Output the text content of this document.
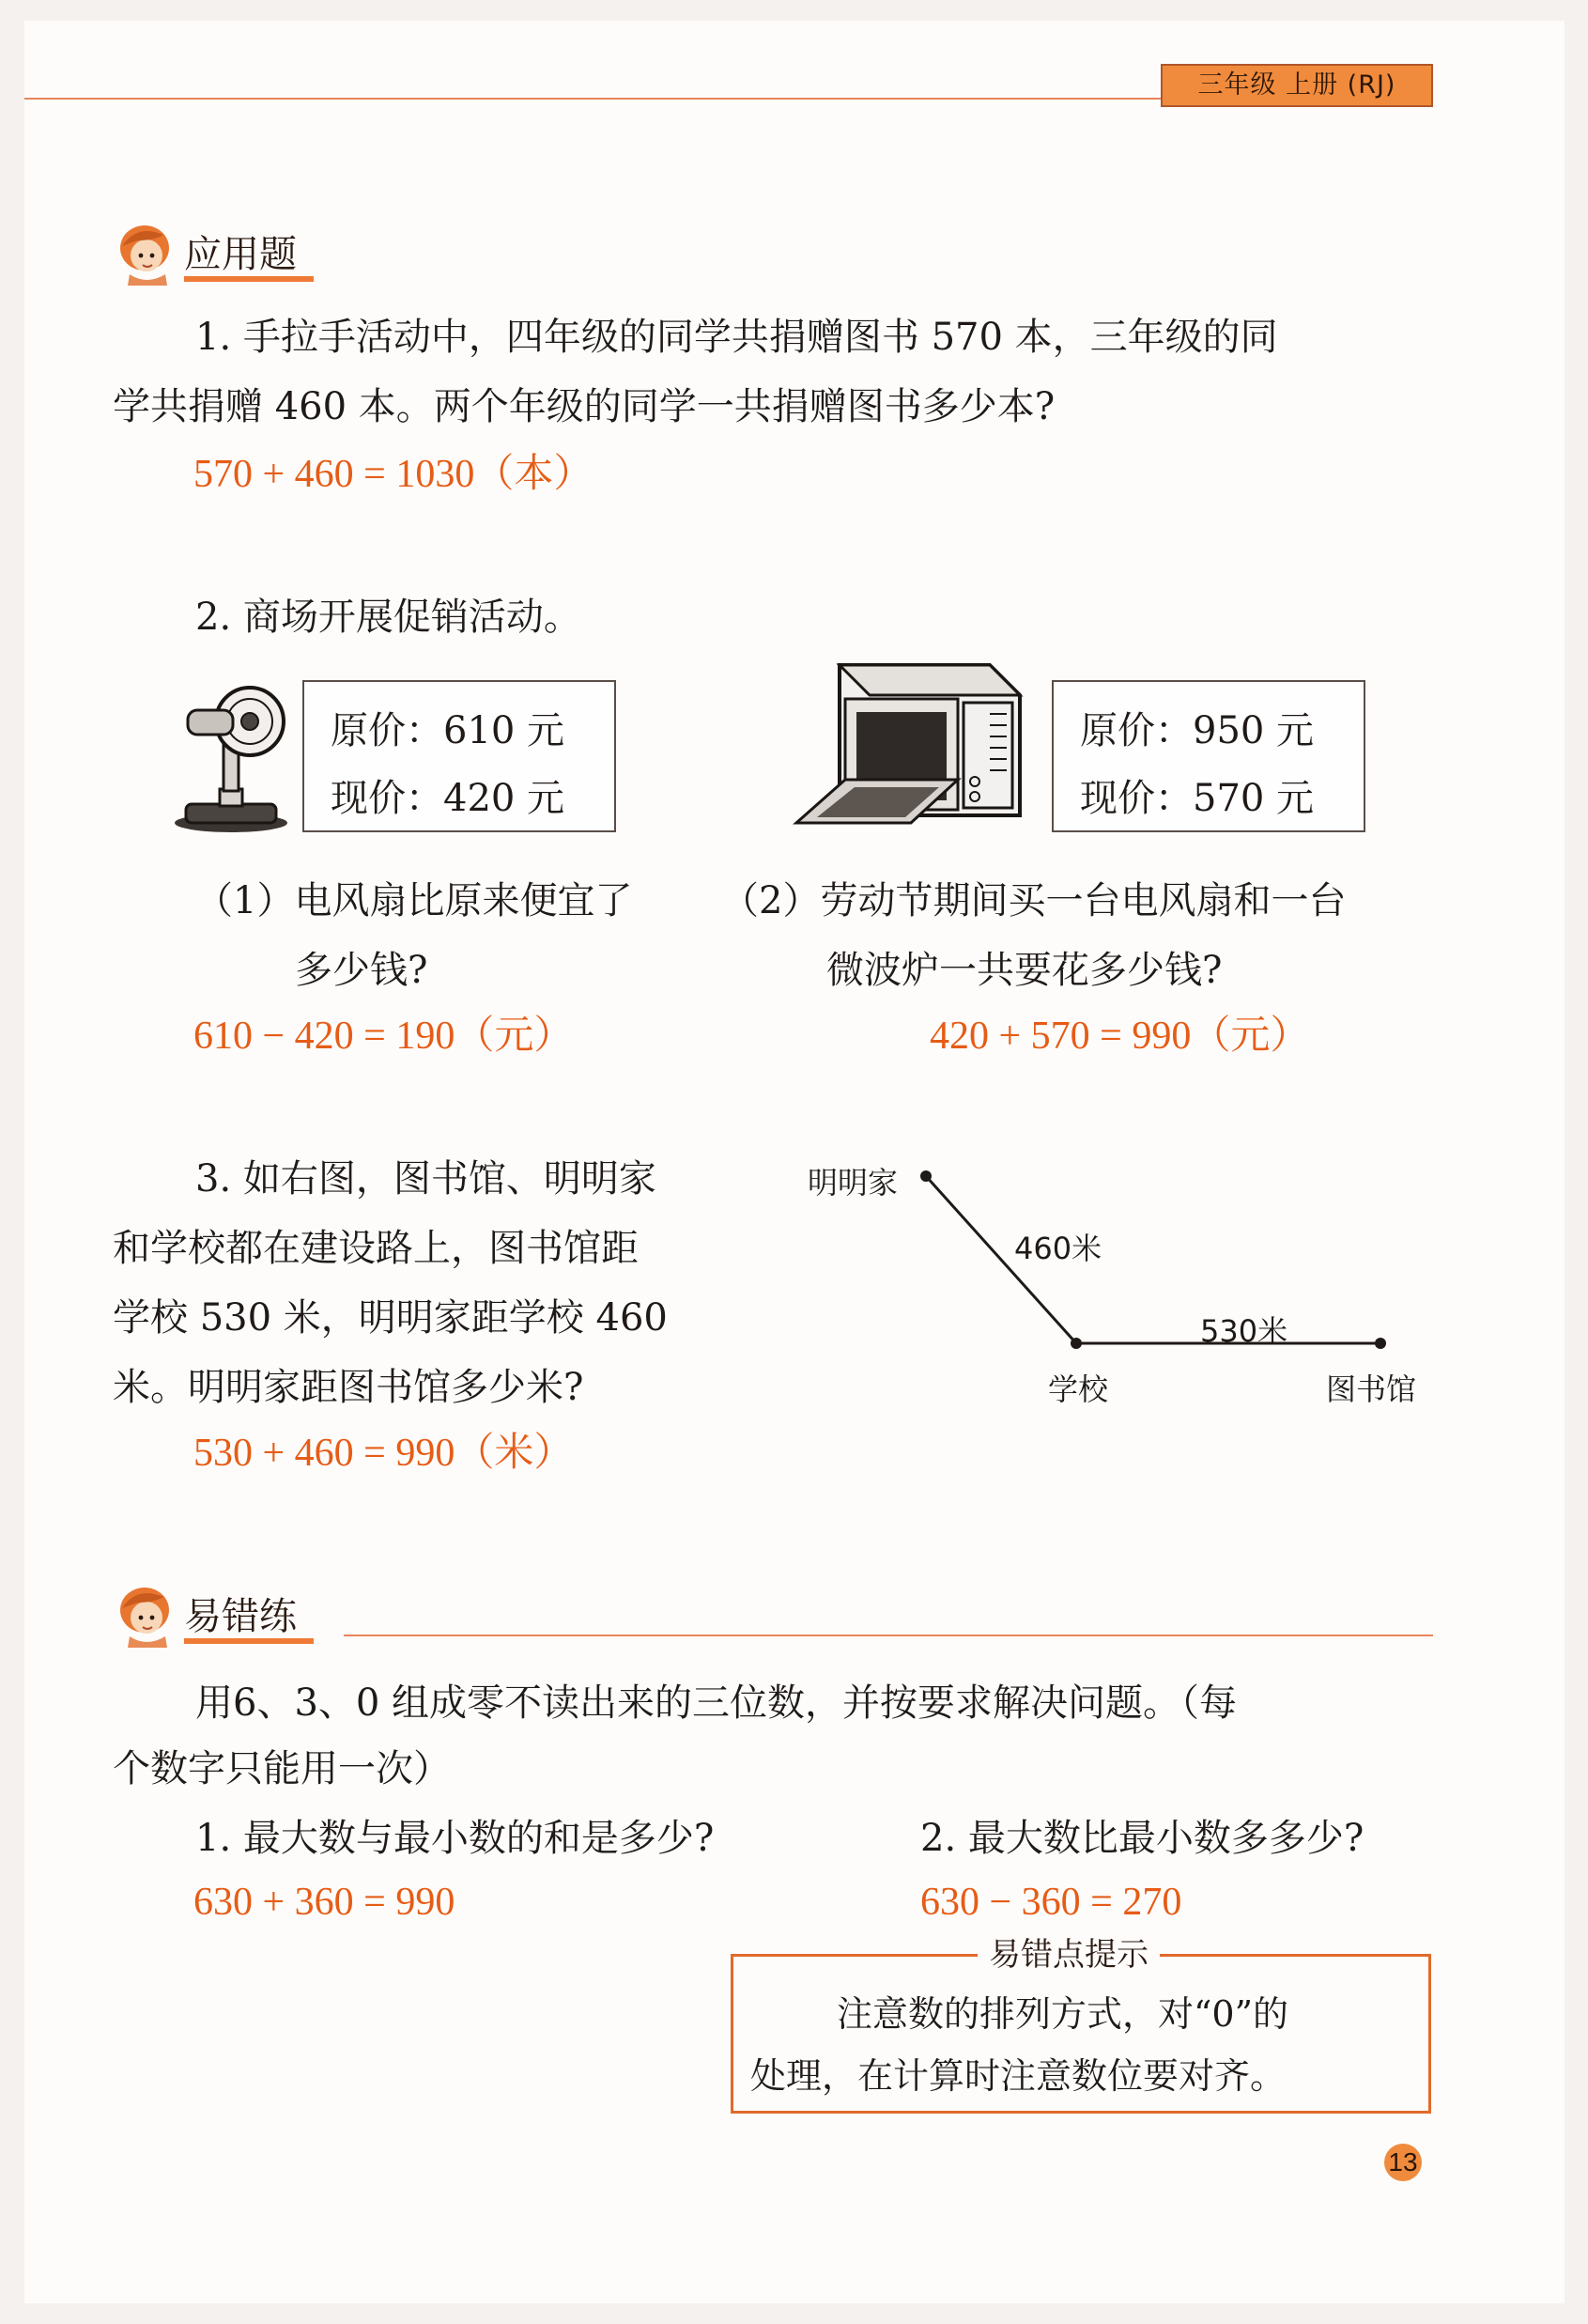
三年级 上册 (RJ)
应用题
1. 手拉手活动中，四年级的同学共捐赠图书 570 本，三年级的同
学共捐赠 460 本。两个年级的同学一共捐赠图书多少本?
570 + 460 = 1030（本）
2. 商场开展促销活动。
原价：610 元
现价：420 元
原价：950 元
现价：570 元
（1）电风扇比原来便宜了
多少钱?
610 − 420 = 190（元）
（2）劳动节期间买一台电风扇和一台
微波炉一共要花多少钱?
420 + 570 = 990（元）
3. 如右图，图书馆、明明家
和学校都在建设路上，图书馆距
学校 530 米，明明家距学校 460
米。明明家距图书馆多少米?
530 + 460 = 990（米）
明明家
460米
530米
学校	图书馆
易错练
用6、3、0 组成零不读出来的三位数，并按要求解决问题。（每
个数字只能用一次）
1. 最大数与最小数的和是多少?
630 + 360 = 990
2. 最大数比最小数多多少?
630 − 360 = 270
易错点提示
注意数的排列方式，对“0”的
处理，在计算时注意数位要对齐。
13
